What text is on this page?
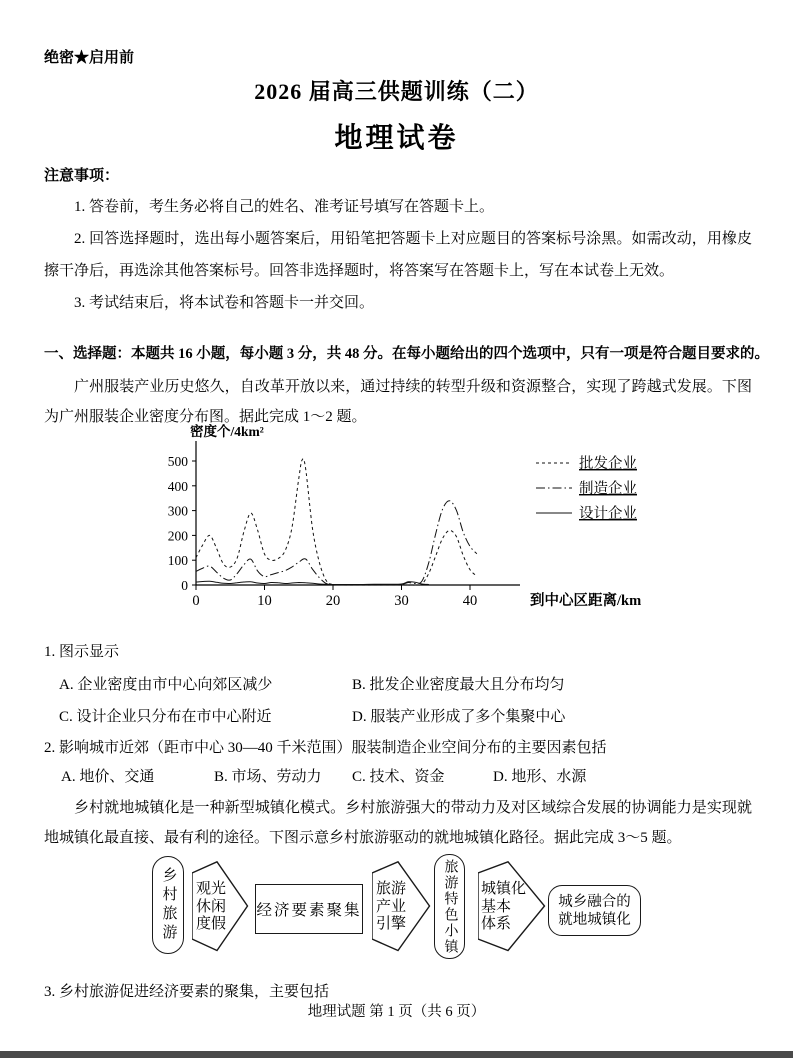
绝密★启用前
2026 届高三供题训练（二）
地理试卷
注意事项：

1. 答卷前，考生务必将自己的姓名、准考证号填写在答题卡上。

2. 回答选择题时，选出每小题答案后，用铅笔把答题卡上对应题目的答案标号涂黑。如需改动，用橡皮擦干净后，再选涂其他答案标号。回答非选择题时，将答案写在答题卡上，写在本试卷上无效。

3. 考试结束后，将本试卷和答题卡一并交回。

一、选择题：本题共 16 小题，每小题 3 分，共 48 分。在每小题给出的四个选项中，只有一项是符合题目要求的。

广州服装产业历史悠久，自改革开放以来，通过持续的转型升级和资源整合，实现了跨越式发展。下图为广州服装企业密度分布图。据此完成 1～2 题。

0
100
200
300
400
500
0	10	20	30	40
密度个/4km²
到中心区距离/km
批发企业
制造企业
设计企业
1. 图示显示
A. 企业密度由市中心向郊区减少	B. 批发企业密度最大且分布均匀
C. 设计企业只分布在市中心附近	D. 服装产业形成了多个集聚中心
2. 影响城市近郊（距市中心 30—40 千米范围）服装制造企业空间分布的主要因素包括
A. 地价、交通	B. 市场、劳动力 C. 技术、资金	D. 地形、水源

乡村就地城镇化是一种新型城镇化模式。乡村旅游强大的带动力及对区域综合发展的协调能力是实现就地城镇化最直接、最有利的途径。下图示意乡村旅游驱动的就地城镇化路径。据此完成 3～5 题。

乡村旅游 观光
休闲
度假
经济要素聚集
旅游
产业
引擎	旅游特色小镇 城镇化
基本
体系
城乡融合的
就地城镇化
3. 乡村旅游促进经济要素的聚集，主要包括
地理试题 第 1 页（共 6 页）
